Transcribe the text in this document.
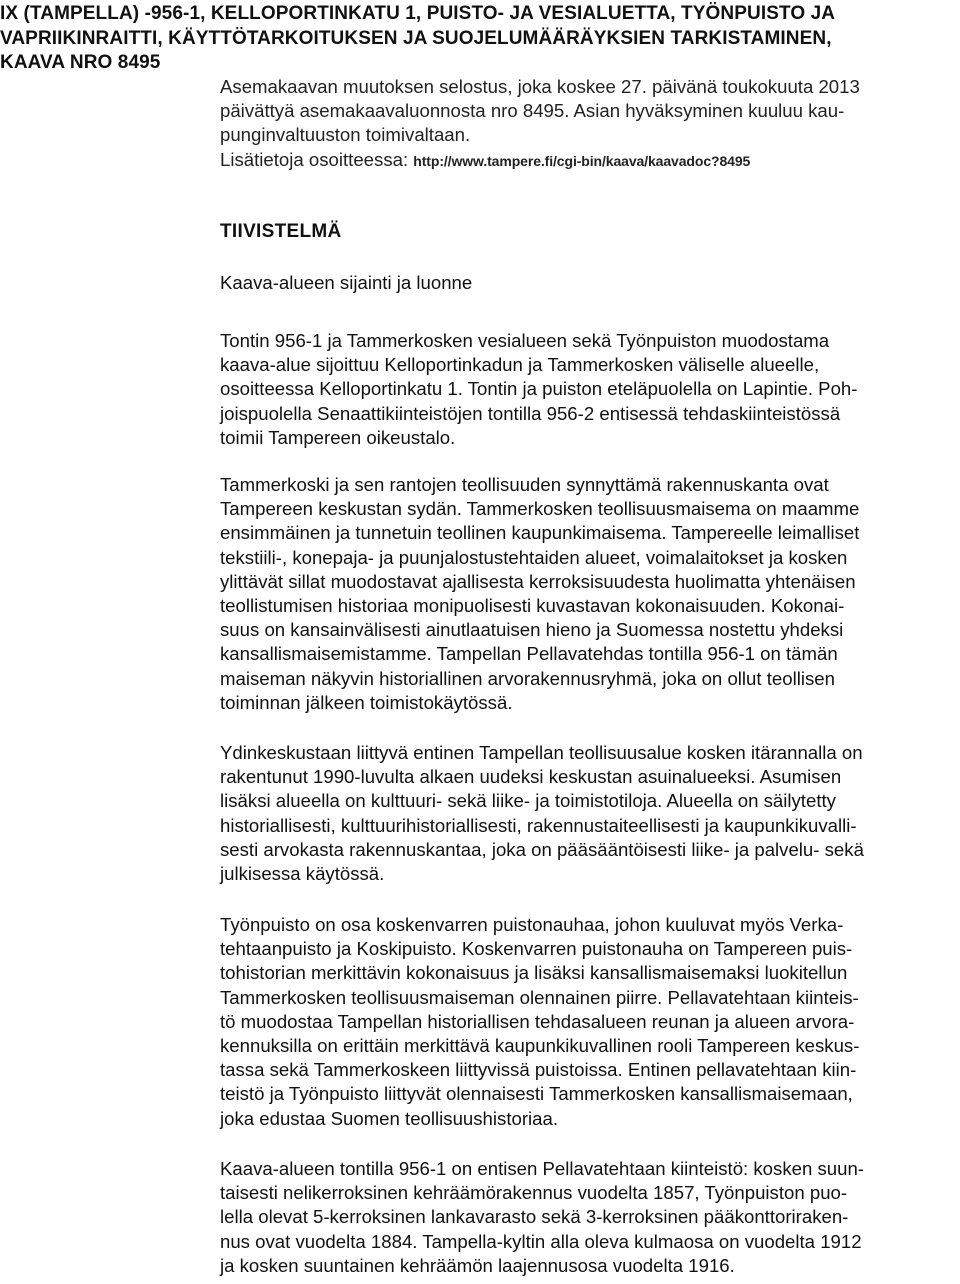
IX (TAMPELLA) -956-1, KELLOPORTINKATU 1, PUISTO- JA VESIALUETTA, TYÖNPUISTO JA
VAPRIIKINRAITTI, KÄYTTÖTARKOITUKSEN JA SUOJELUMÄÄRÄYKSIEN TARKISTAMINEN,
KAAVA NRO 8495
Asemakaavan muutoksen selostus, joka koskee 27. päivänä toukokuuta 2013
päivättyä asemakaavaluonnosta nro 8495. Asian hyväksyminen kuuluu kau-
punginvaltuuston toimivaltaan.
Lisätietoja osoitteessa: http://www.tampere.fi/cgi-bin/kaava/kaavadoc?8495
TIIVISTELMÄ
Kaava-alueen sijainti ja luonne
Tontin 956-1 ja Tammerkosken vesialueen sekä Työnpuiston muodostama
kaava-alue sijoittuu Kelloportinkadun ja Tammerkosken väliselle alueelle,
osoitteessa Kelloportinkatu 1. Tontin ja puiston eteläpuolella on Lapintie. Poh-
joispuolella Senaattikiinteistöjen tontilla 956-2 entisessä tehdaskiinteistössä
toimii Tampereen oikeustalo.
Tammerkoski ja sen rantojen teollisuuden synnyttämä rakennuskanta ovat
Tampereen keskustan sydän. Tammerkosken teollisuusmaisema on maamme
ensimmäinen ja tunnetuin teollinen kaupunkimaisema. Tampereelle leimalliset
tekstiili-, konepaja- ja puunjalostustehtaiden alueet, voimalaitokset ja kosken
ylittävät sillat muodostavat ajallisesta kerroksisuudesta huolimatta yhtenäisen
teollistumisen historiaa monipuolisesti kuvastavan kokonaisuuden. Kokonai-
suus on kansainvälisesti ainutlaatuisen hieno ja Suomessa nostettu yhdeksi
kansallismaisemistamme. Tampellan Pellavatehdas tontilla 956-1 on tämän
maiseman näkyvin historiallinen arvorakennusryhmä, joka on ollut teollisen
toiminnan jälkeen toimistokäytössä.
Ydinkeskustaan liittyvä entinen Tampellan teollisuusalue kosken itärannalla on
rakentunut 1990-luvulta alkaen uudeksi keskustan asuinalueeksi. Asumisen
lisäksi alueella on kulttuuri- sekä liike- ja toimistotiloja. Alueella on säilytetty
historiallisesti, kulttuurihistoriallisesti, rakennustaiteellisesti ja kaupunkikuvalli-
sesti arvokasta rakennuskantaa, joka on pääsääntöisesti liike- ja palvelu- sekä
julkisessa käytössä.
Työnpuisto on osa koskenvarren puistonauhaa, johon kuuluvat myös Verka-
tehtaanpuisto ja Koskipuisto. Koskenvarren puistonauha on Tampereen puis-
tohistorian merkittävin kokonaisuus ja lisäksi kansallismaisemaksi luokitellun
Tammerkosken teollisuusmaiseman olennainen piirre. Pellavatehtaan kiinteis-
tö muodostaa Tampellan historiallisen tehdasalueen reunan ja alueen arvora-
kennuksilla on erittäin merkittävä kaupunkikuvallinen rooli Tampereen keskus-
tassa sekä Tammerkoskeen liittyvissä puistoissa. Entinen pellavatehtaan kiin-
teistö ja Työnpuisto liittyvät olennaisesti Tammerkosken kansallismaisemaan,
joka edustaa Suomen teollisuushistoriaa.
Kaava-alueen tontilla 956-1 on entisen Pellavatehtaan kiinteistö: kosken suun-
taisesti nelikerroksinen kehräämörakennus vuodelta 1857, Työnpuiston puo-
lella olevat 5-kerroksinen lankavarasto sekä 3-kerroksinen pääkonttoriraken-
nus ovat vuodelta 1884. Tampella-kyltin alla oleva kulmaosa on vuodelta 1912
ja kosken suuntainen kehräämön laajennusosa vuodelta 1916.
